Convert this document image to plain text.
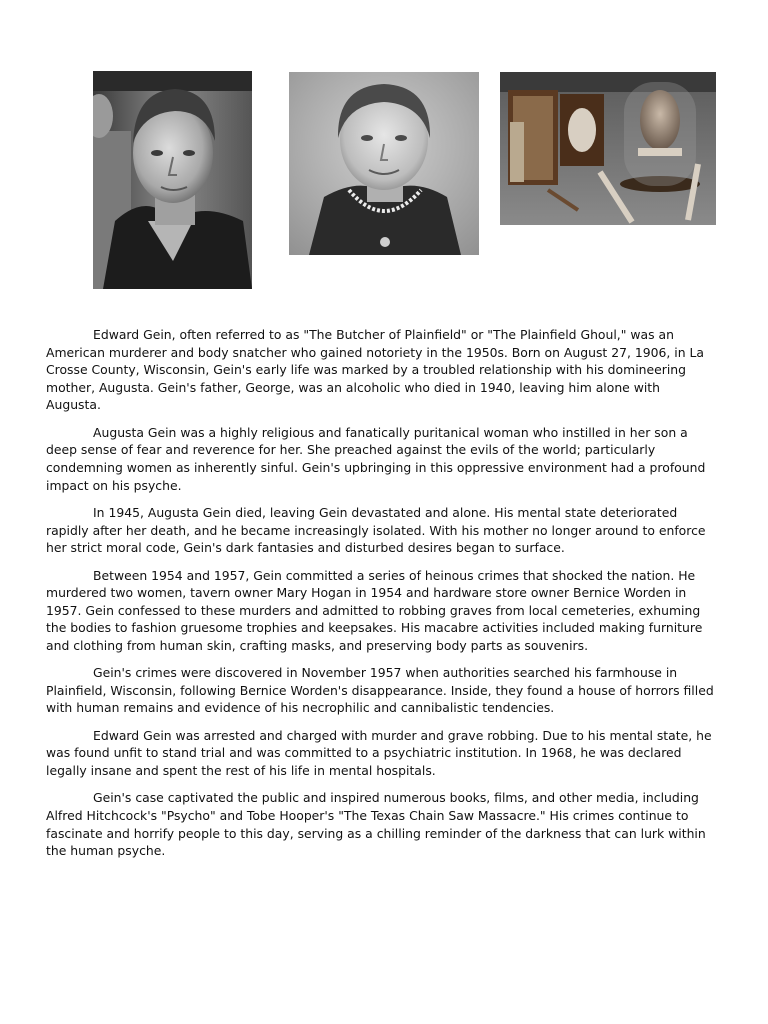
Edward Gein, often referred to as "The Butcher of Plainfield" or "The Plainfield Ghoul," was an American murderer and body snatcher who gained notoriety in the 1950s. Born on August 27, 1906, in La Crosse County, Wisconsin, Gein's early life was marked by a troubled relationship with his domineering mother, Augusta. Gein's father, George, was an alcoholic who died in 1940, leaving him alone with Augusta.

Augusta Gein was a highly religious and fanatically puritanical woman who instilled in her son a deep sense of fear and reverence for her. She preached against the evils of the world; particularly condemning women as inherently sinful. Gein's upbringing in this oppressive environment had a profound impact on his psyche.

In 1945, Augusta Gein died, leaving Gein devastated and alone. His mental state deteriorated rapidly after her death, and he became increasingly isolated. With his mother no longer around to enforce her strict moral code, Gein's dark fantasies and disturbed desires began to surface.

Between 1954 and 1957, Gein committed a series of heinous crimes that shocked the nation. He murdered two women, tavern owner Mary Hogan in 1954 and hardware store owner Bernice Worden in 1957. Gein confessed to these murders and admitted to robbing graves from local cemeteries, exhuming the bodies to fashion gruesome trophies and keepsakes. His macabre activities included making furniture and clothing from human skin, crafting masks, and preserving body parts as souvenirs.

Gein's crimes were discovered in November 1957 when authorities searched his farmhouse in Plainfield, Wisconsin, following Bernice Worden's disappearance. Inside, they found a house of horrors filled with human remains and evidence of his necrophilic and cannibalistic tendencies.

Edward Gein was arrested and charged with murder and grave robbing. Due to his mental state, he was found unfit to stand trial and was committed to a psychiatric institution. In 1968, he was declared legally insane and spent the rest of his life in mental hospitals.

Gein's case captivated the public and inspired numerous books, films, and other media, including Alfred Hitchcock's "Psycho" and Tobe Hooper's "The Texas Chain Saw Massacre." His crimes continue to fascinate and horrify people to this day, serving as a chilling reminder of the darkness that can lurk within the human psyche.
